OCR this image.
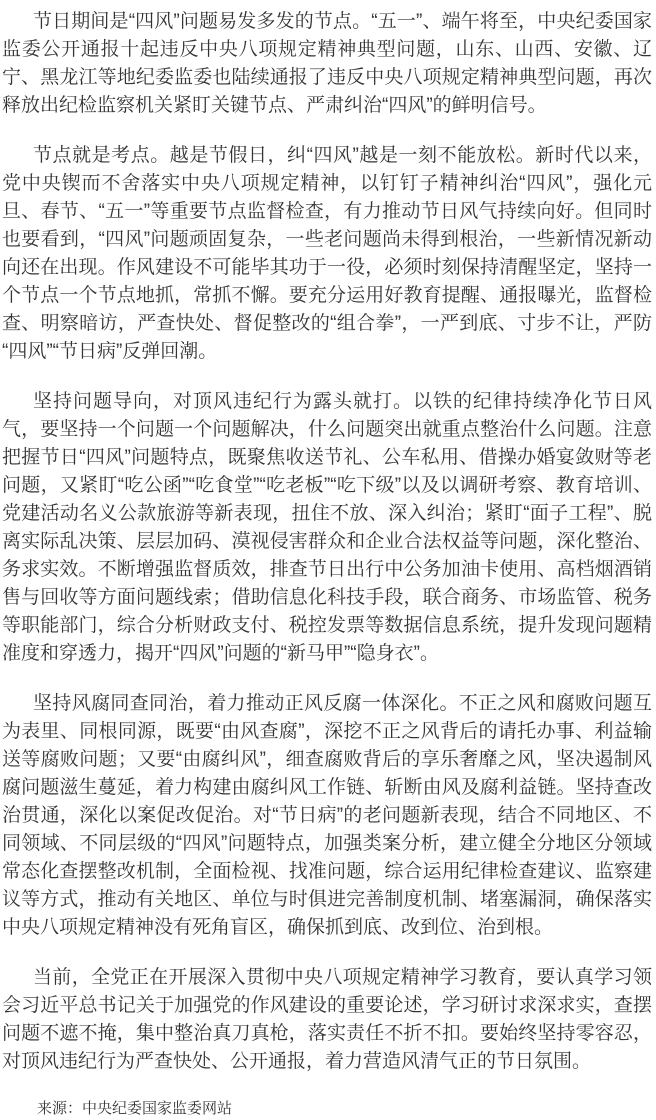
节日期间是“四风”问题易发多发的节点。“五一”、端午将至，中央纪委国家监委公开通报十起违反中央八项规定精神典型问题，山东、山西、安徽、辽宁、黑龙江等地纪委监委也陆续通报了违反中央八项规定精神典型问题，再次释放出纪检监察机关紧盯关键节点、严肃纠治“四风”的鲜明信号。

节点就是考点。越是节假日，纠“四风”越是一刻不能放松。新时代以来，党中央锲而不舍落实中央八项规定精神，以钉钉子精神纠治“四风”，强化元旦、春节、“五一”等重要节点监督检查，有力推动节日风气持续向好。但同时也要看到，“四风”问题顽固复杂，一些老问题尚未得到根治，一些新情况新动向还在出现。作风建设不可能毕其功于一役，必须时刻保持清醒坚定，坚持一个节点一个节点地抓，常抓不懈。要充分运用好教育提醒、通报曝光，监督检查、明察暗访，严查快处、督促整改的“组合拳”，一严到底、寸步不让，严防“四风”“节日病”反弹回潮。

坚持问题导向，对顶风违纪行为露头就打。以铁的纪律持续净化节日风气，要坚持一个问题一个问题解决，什么问题突出就重点整治什么问题。注意把握节日“四风”问题特点，既聚焦收送节礼、公车私用、借操办婚宴敛财等老问题，又紧盯“吃公函”“吃食堂”“吃老板”“吃下级”以及以调研考察、教育培训、党建活动名义公款旅游等新表现，扭住不放、深入纠治；紧盯“面子工程”、脱离实际乱决策、层层加码、漠视侵害群众和企业合法权益等问题，深化整治、务求实效。不断增强监督质效，排查节日出行中公务加油卡使用、高档烟酒销售与回收等方面问题线索；借助信息化科技手段，联合商务、市场监管、税务等职能部门，综合分析财政支付、税控发票等数据信息系统，提升发现问题精准度和穿透力，揭开“四风”问题的“新马甲”“隐身衣”。

坚持风腐同查同治，着力推动正风反腐一体深化。不正之风和腐败问题互为表里、同根同源，既要“由风查腐”，深挖不正之风背后的请托办事、利益输送等腐败问题；又要“由腐纠风”，细查腐败背后的享乐奢靡之风，坚决遏制风腐问题滋生蔓延，着力构建由腐纠风工作链、斩断由风及腐利益链。坚持查改治贯通，深化以案促改促治。对“节日病”的老问题新表现，结合不同地区、不同领域、不同层级的“四风”问题特点，加强类案分析，建立健全分地区分领域常态化查摆整改机制，全面检视、找准问题，综合运用纪律检查建议、监察建议等方式，推动有关地区、单位与时俱进完善制度机制、堵塞漏洞，确保落实中央八项规定精神没有死角盲区，确保抓到底、改到位、治到根。

当前，全党正在开展深入贯彻中央八项规定精神学习教育，要认真学习领会习近平总书记关于加强党的作风建设的重要论述，学习研讨求深求实，查摆问题不遮不掩，集中整治真刀真枪，落实责任不折不扣。要始终坚持零容忍，对顶风违纪行为严查快处、公开通报，着力营造风清气正的节日氛围。

来源：中央纪委国家监委网站
